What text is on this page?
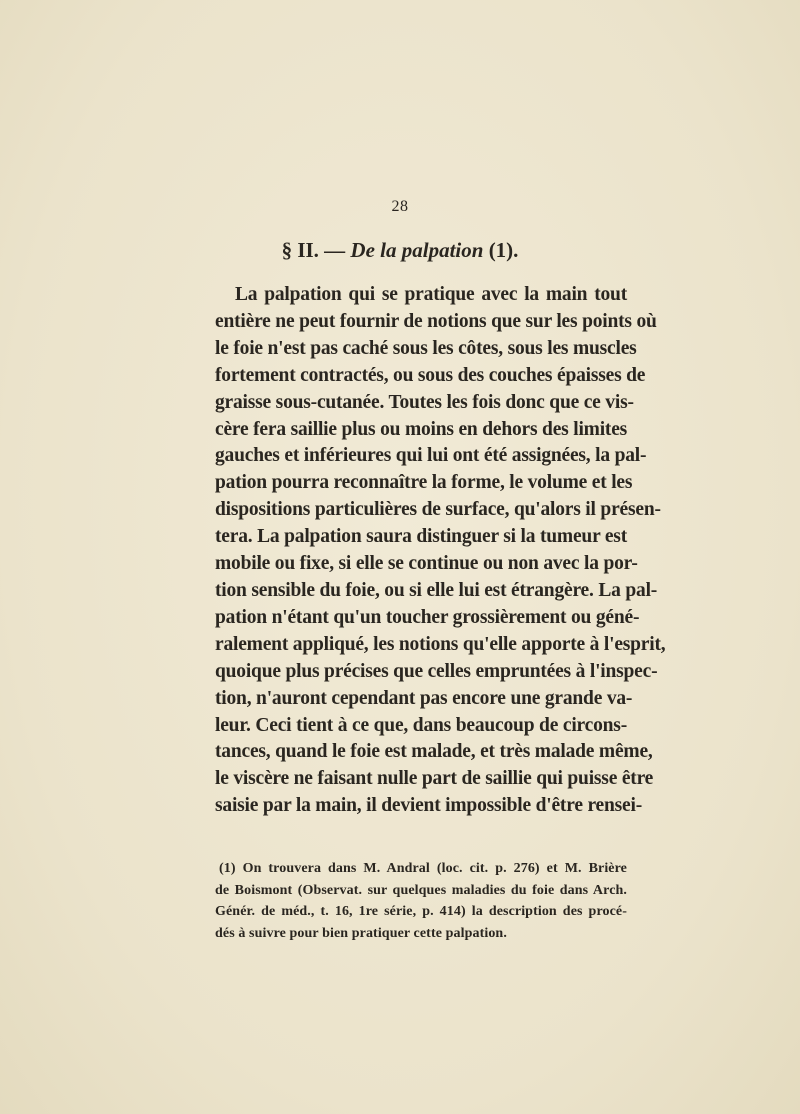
28
§ II. — De la palpation (1).
La palpation qui se pratique avec la main tout
entière ne peut fournir de notions que sur les points où
le foie n'est pas caché sous les côtes, sous les muscles
fortement contractés, ou sous des couches épaisses de
graisse sous-cutanée. Toutes les fois donc que ce vis-
cère fera saillie plus ou moins en dehors des limites
gauches et inférieures qui lui ont été assignées, la pal-
pation pourra reconnaître la forme, le volume et les
dispositions particulières de surface, qu'alors il présen-
tera. La palpation saura distinguer si la tumeur est
mobile ou fixe, si elle se continue ou non avec la por-
tion sensible du foie, ou si elle lui est étrangère. La pal-
pation n'étant qu'un toucher grossièrement ou géné-
ralement appliqué, les notions qu'elle apporte à l'esprit,
quoique plus précises que celles empruntées à l'inspec-
tion, n'auront cependant pas encore une grande va-
leur. Ceci tient à ce que, dans beaucoup de circons-
tances, quand le foie est malade, et très malade même,
le viscère ne faisant nulle part de saillie qui puisse être
saisie par la main, il devient impossible d'être rensei-
(1) On trouvera dans M. Andral (loc. cit. p. 276) et M. Brière
de Boismont (Observat. sur quelques maladies du foie dans Arch.
Génér. de méd., t. 16, 1re série, p. 414) la description des procé-
dés à suivre pour bien pratiquer cette palpation.
